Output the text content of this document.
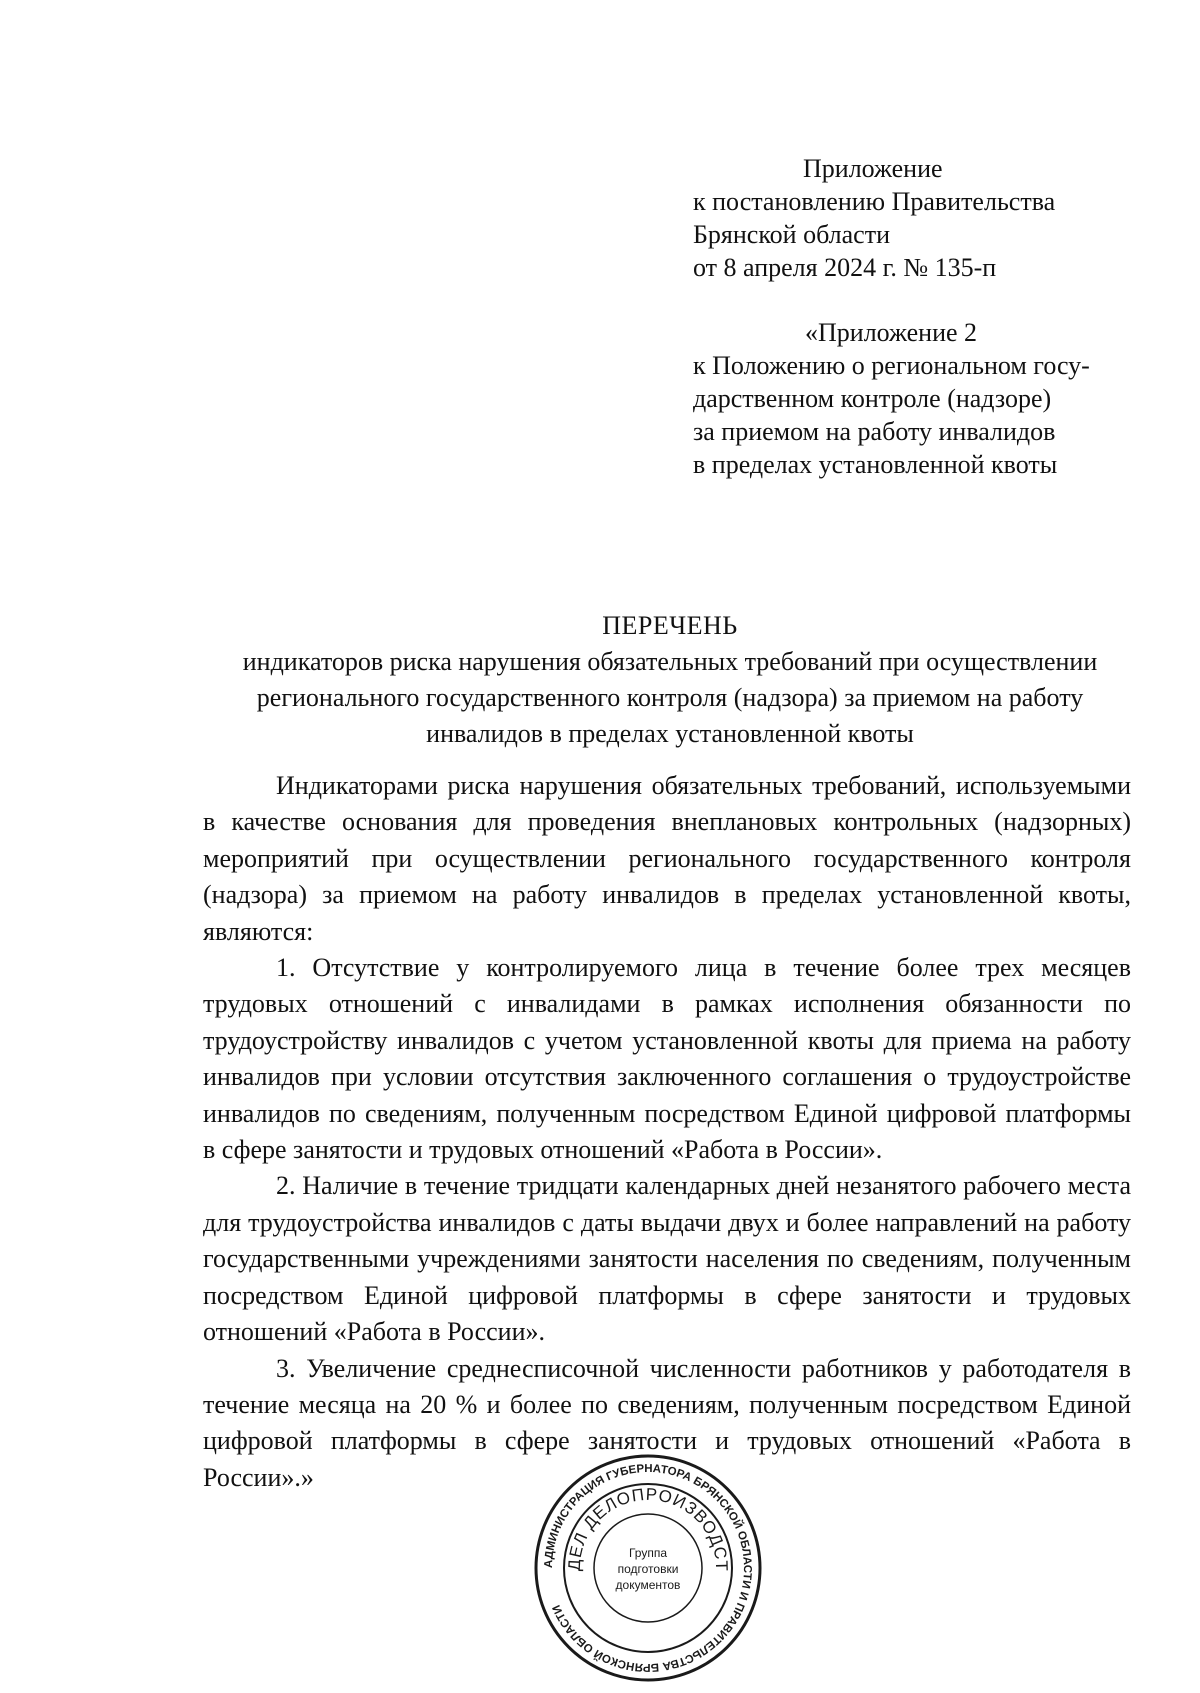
Приложение
к постановлению Правительства
Брянской области
от 8 апреля 2024 г. № 135-п
«Приложение 2
к Положению о региональном госу-
дарственном контроле (надзоре)
за приемом на работу инвалидов
в пределах установленной квоты
ПЕРЕЧЕНЬ
индикаторов риска нарушения обязательных требований при осуществлении
регионального государственного контроля (надзора) за приемом на работу
инвалидов в пределах установленной квоты

Индикаторами риска нарушения обязательных требований, используемыми в качестве основания для проведения внеплановых контрольных (надзорных) мероприятий при осуществлении регионального государственного контроля (надзора) за приемом на работу инвалидов в пределах установленной квоты, являются:

1. Отсутствие у контролируемого лица в течение более трех месяцев трудовых отношений с инвалидами в рамках исполнения обязанности по трудоустройству инвалидов с учетом установленной квоты для приема на работу инвалидов при условии отсутствия заключенного соглашения о трудоустройстве инвалидов по сведениям, полученным посредством Единой цифровой платформы в сфере занятости и трудовых отношений «Работа в России».

2. Наличие в течение тридцати календарных дней незанятого рабочего места для трудоустройства инвалидов с даты выдачи двух и более направлений на работу государственными учреждениями занятости населения по сведениям, полученным посредством Единой цифровой платформы в сфере занятости и трудовых отношений «Работа в России».

3. Увеличение среднесписочной численности работников у работодателя в течение месяца на 20 % и более по сведениям, полученным посредством Единой цифровой платформы в сфере занятости и трудовых отношений «Работа в России».»

АДМИНИСТРАЦИЯ ГУБЕРНАТОРА БРЯНСКОЙ ОБЛАСТИ И ПРАВИТЕЛЬСТВА БРЯНСКОЙ ОБЛАСТИ
ДЕЛ ДЕЛОПРОИЗВОДСТ
Группа
подготовки
документов
